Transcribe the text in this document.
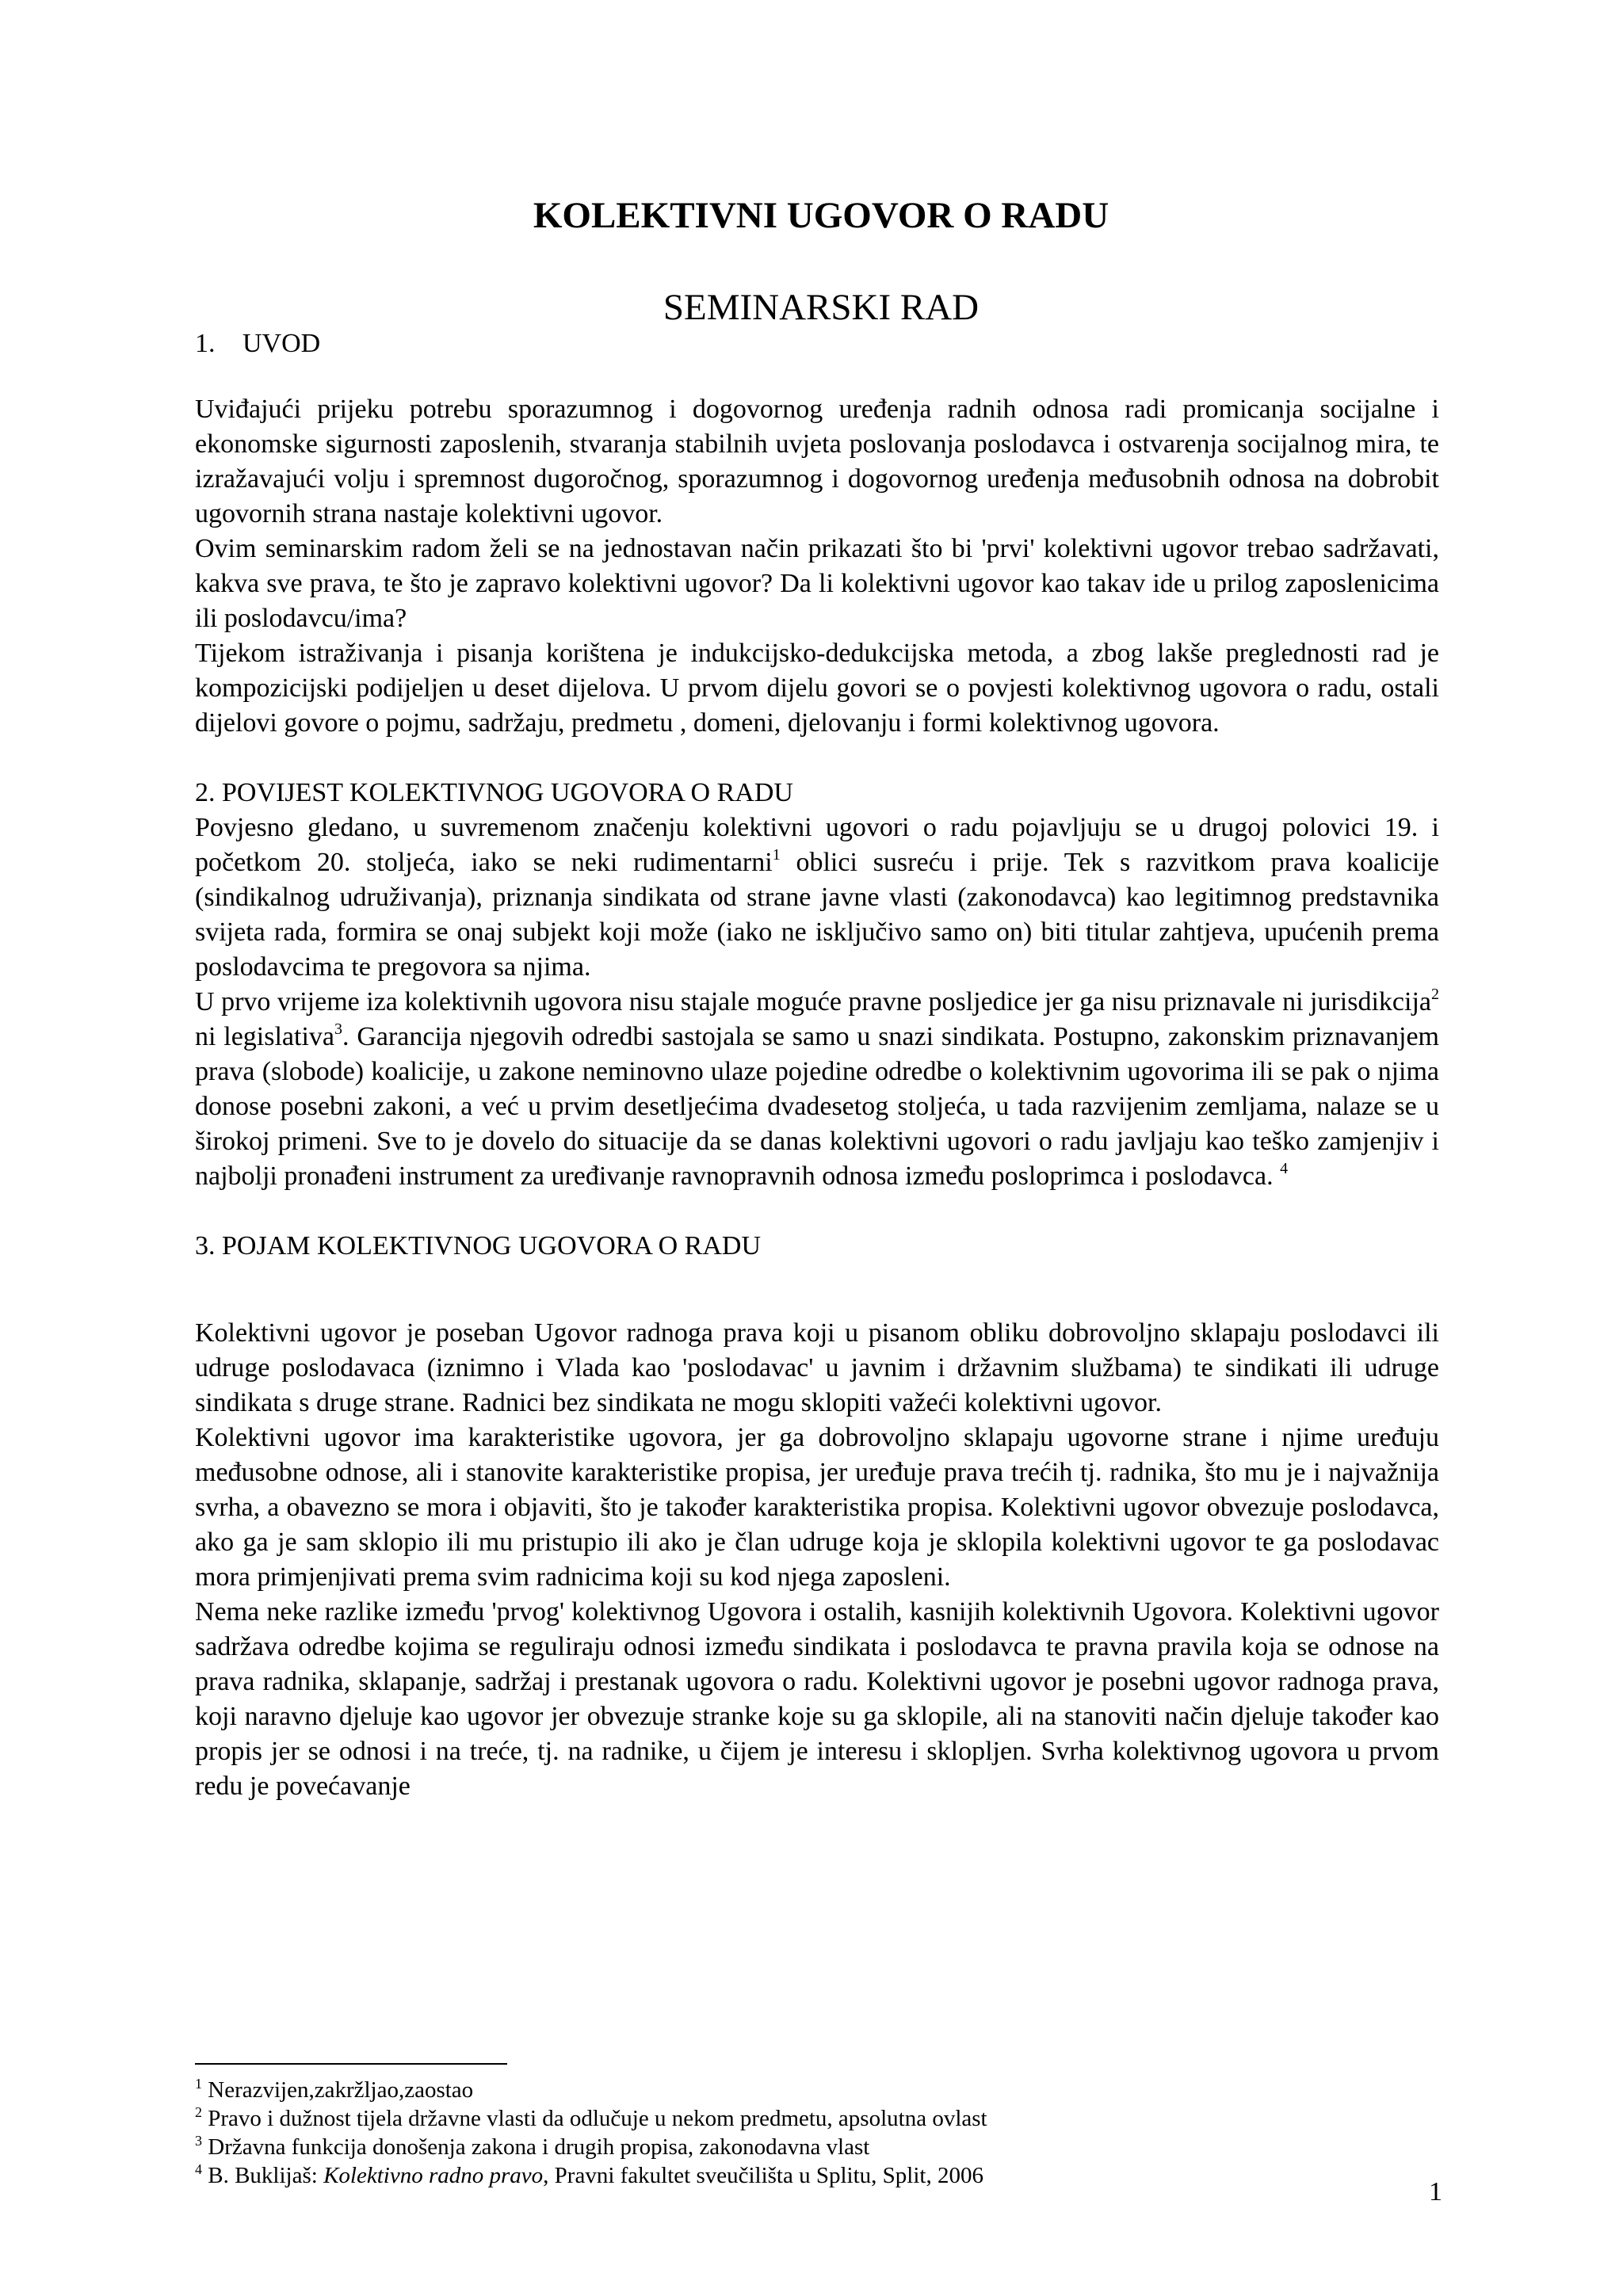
KOLEKTIVNI UGOVOR O RADU
SEMINARSKI RAD
1. UVOD

Uviđajući prijeku potrebu sporazumnog i dogovornog uređenja radnih odnosa radi promicanja socijalne i ekonomske sigurnosti zaposlenih, stvaranja stabilnih uvjeta poslovanja poslodavca i ostvarenja socijalnog mira, te izražavajući volju i spremnost dugoročnog, sporazumnog i dogovornog uređenja međusobnih odnosa na dobrobit ugovornih strana nastaje kolektivni ugovor.

Ovim seminarskim radom želi se na jednostavan način prikazati što bi 'prvi' kolektivni ugovor trebao sadržavati, kakva sve prava, te što je zapravo kolektivni ugovor? Da li kolektivni ugovor kao takav ide u prilog zaposlenicima ili poslodavcu/ima?

Tijekom istraživanja i pisanja korištena je indukcijsko-dedukcijska metoda, a zbog lakše preglednosti rad je kompozicijski podijeljen u deset dijelova. U prvom dijelu govori se o povjesti kolektivnog ugovora o radu, ostali dijelovi govore o pojmu, sadržaju, predmetu , domeni, djelovanju i formi kolektivnog ugovora.

2. POVIJEST KOLEKTIVNOG UGOVORA O RADU

Povjesno gledano, u suvremenom značenju kolektivni ugovori o radu pojavljuju se u drugoj polovici 19. i početkom 20. stoljeća, iako se neki rudimentarni$^1$ oblici susreću i prije. Tek s razvitkom prava koalicije (sindikalnog udruživanja), priznanja sindikata od strane javne vlasti (zakonodavca) kao legitimnog predstavnika svijeta rada, formira se onaj subjekt koji može (iako ne isključivo samo on) biti titular zahtjeva, upućenih prema poslodavcima te pregovora sa njima.

U prvo vrijeme iza kolektivnih ugovora nisu stajale moguće pravne posljedice jer ga nisu priznavale ni jurisdikcija$^2$ ni legislativa$^3$. Garancija njegovih odredbi sastojala se samo u snazi sindikata. Postupno, zakonskim priznavanjem prava (slobode) koalicije, u zakone neminovno ulaze pojedine odredbe o kolektivnim ugovorima ili se pak o njima donose posebni zakoni, a već u prvim desetljećima dvadesetog stoljeća, u tada razvijenim zemljama, nalaze se u širokoj primeni. Sve to je dovelo do situacije da se danas kolektivni ugovori o radu javljaju kao teško zamjenjiv i najbolji pronađeni instrument za uređivanje ravnopravnih odnosa između posloprimca i poslodavca. $^4$

3. POJAM KOLEKTIVNOG UGOVORA O RADU

Kolektivni ugovor je poseban Ugovor radnoga prava koji u pisanom obliku dobrovoljno sklapaju poslodavci ili udruge poslodavaca (iznimno i Vlada kao 'poslodavac' u javnim i državnim službama) te sindikati ili udruge sindikata s druge strane. Radnici bez sindikata ne mogu sklopiti važeći kolektivni ugovor.

Kolektivni ugovor ima karakteristike ugovora, jer ga dobrovoljno sklapaju ugovorne strane i njime uređuju međusobne odnose, ali i stanovite karakteristike propisa, jer uređuje prava trećih tj. radnika, što mu je i najvažnija svrha, a obavezno se mora i objaviti, što je također karakteristika propisa. Kolektivni ugovor obvezuje poslodavca, ako ga je sam sklopio ili mu pristupio ili ako je član udruge koja je sklopila kolektivni ugovor te ga poslodavac mora primjenjivati prema svim radnicima koji su kod njega zaposleni.

Nema neke razlike između 'prvog' kolektivnog Ugovora i ostalih, kasnijih kolektivnih Ugovora. Kolektivni ugovor sadržava odredbe kojima se reguliraju odnosi između sindikata i poslodavca te pravna pravila koja se odnose na prava radnika, sklapanje, sadržaj i prestanak ugovora o radu. Kolektivni ugovor je posebni ugovor radnoga prava, koji naravno djeluje kao ugovor jer obvezuje stranke koje su ga sklopile, ali na stanoviti način djeluje također kao propis jer se odnosi i na treće, tj. na radnike, u čijem je interesu i skloplјen. Svrha kolektivnog ugovora u prvom redu je povećavanje

$^1$ Nerazvijen,zakržljao,zaostao

$^2$ Pravo i dužnost tijela državne vlasti da odlučuje u nekom predmetu, apsolutna ovlast

$^3$ Državna funkcija donošenja zakona i drugih propisa, zakonodavna vlast

$^4$ B. Buklijaš: Kolektivno radno pravo, Pravni fakultet sveučilišta u Splitu, Split, 2006

1
